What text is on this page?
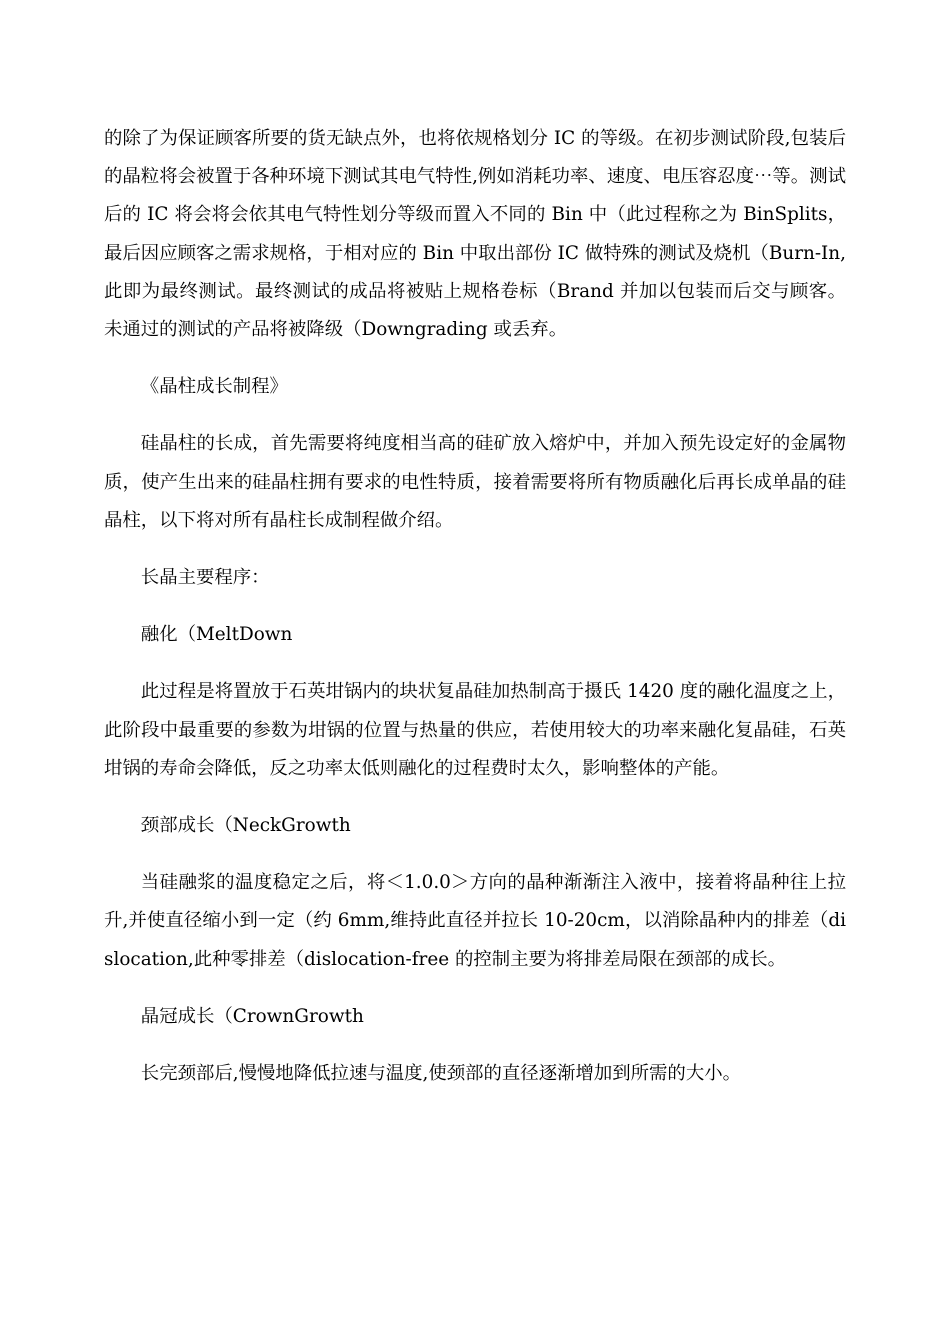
的除了为保证顾客所要的货无缺点外，也将依规格划分 IC 的等级。在初步测试阶段,包装后的晶粒将会被置于各种环境下测试其电气特性,例如消耗功率、速度、电压容忍度⋯等。测试后的 IC 将会将会依其电气特性划分等级而置入不同的 Bin 中（此过程称之为 BinSplits，最后因应顾客之需求规格，于相对应的 Bin 中取出部份 IC 做特殊的测试及烧机（Burn-In,此即为最终测试。最终测试的成品将被贴上规格卷标（Brand 并加以包装而后交与顾客。未通过的测试的产品将被降级（Downgrading 或丢弃。

《晶柱成长制程》

硅晶柱的长成，首先需要将纯度相当高的硅矿放入熔炉中，并加入预先设定好的金属物质，使产生出来的硅晶柱拥有要求的电性特质，接着需要将所有物质融化后再长成单晶的硅晶柱，以下将对所有晶柱长成制程做介绍。

长晶主要程序：

融化（MeltDown

此过程是将置放于石英坩锅内的块状复晶硅加热制高于摄氏 1420 度的融化温度之上，此阶段中最重要的参数为坩锅的位置与热量的供应，若使用较大的功率来融化复晶硅，石英坩锅的寿命会降低，反之功率太低则融化的过程费时太久，影响整体的产能。

颈部成长（NeckGrowth

当硅融浆的温度稳定之后，将＜1.0.0＞方向的晶种渐渐注入液中，接着将晶种往上拉升,并使直径缩小到一定（约 6mm,维持此直径并拉长 10-20cm，以消除晶种内的排差（dislocation,此种零排差（dislocation-free 的控制主要为将排差局限在颈部的成长。

晶冠成长（CrownGrowth

长完颈部后,慢慢地降低拉速与温度,使颈部的直径逐渐增加到所需的大小。
